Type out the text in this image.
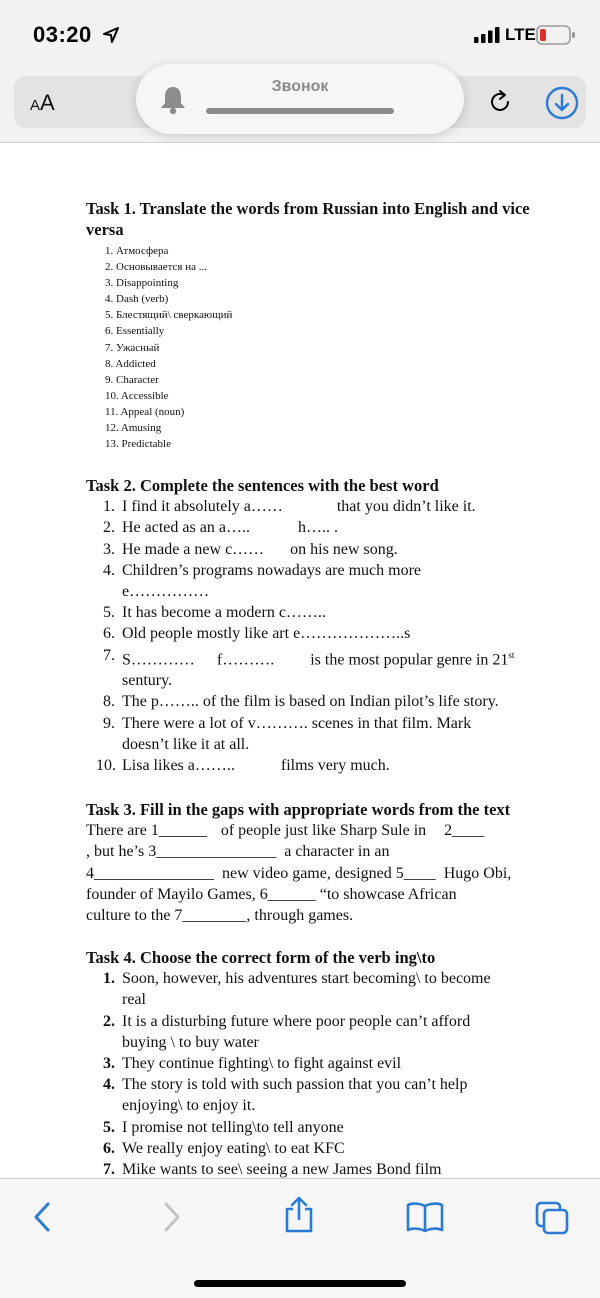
03:20	LTE
AA
Звонок

Task 1. Translate the words from Russian into English and vice versa

1. Атмосфера
2. Основывается на ...
3. Disappointing
4. Dash (verb)
5. Блестящий\ сверкающий
6. Essentially
7. Ужасный
8. Addicted
9. Character
10. Accessible
11. Appeal (noun)
12. Amusing
13. Predictable

Task 2. Complete the sentences with the best word

1. I find it absolutely a……	that you didn’t like it.
2. He acted as an a…..	h….. .
3. He made a new c…… on his new song.
4. Children’s programs nowadays are much more
e……………
5. It has become a modern c……..
6. Old people mostly like art e………………..s
7. S………… f………. is the most popular genre in 21st
sentury.
8. The p…….. of the film is based on Indian pilot’s life story.
9. There were a lot of v………. scenes in that film. Mark
doesn’t like it at all.
10. Lisa likes a……..	films very much.

Task 3. Fill in the gaps with appropriate words from the text

There are 1______ of people just like Sharp Sule in 2____

, but he’s 3_______________ a character in an

4_______________ new video game, designed 5____ Hugo Obi,

founder of Mayilo Games, 6______ “to showcase African

culture to the 7________, through games.

Task 4. Choose the correct form of the verb ing\to

1. Soon, however, his adventures start becoming\ to become
real
2. It is a disturbing future where poor people can’t afford
buying \ to buy water
3. They continue fighting\ to fight against evil
4. The story is told with such passion that you can’t help
enjoying\ to enjoy it.
5. I promise not telling\to tell anyone
6. We really enjoy eating\ to eat KFC
7. Mike wants to see\ seeing a new James Bond film
